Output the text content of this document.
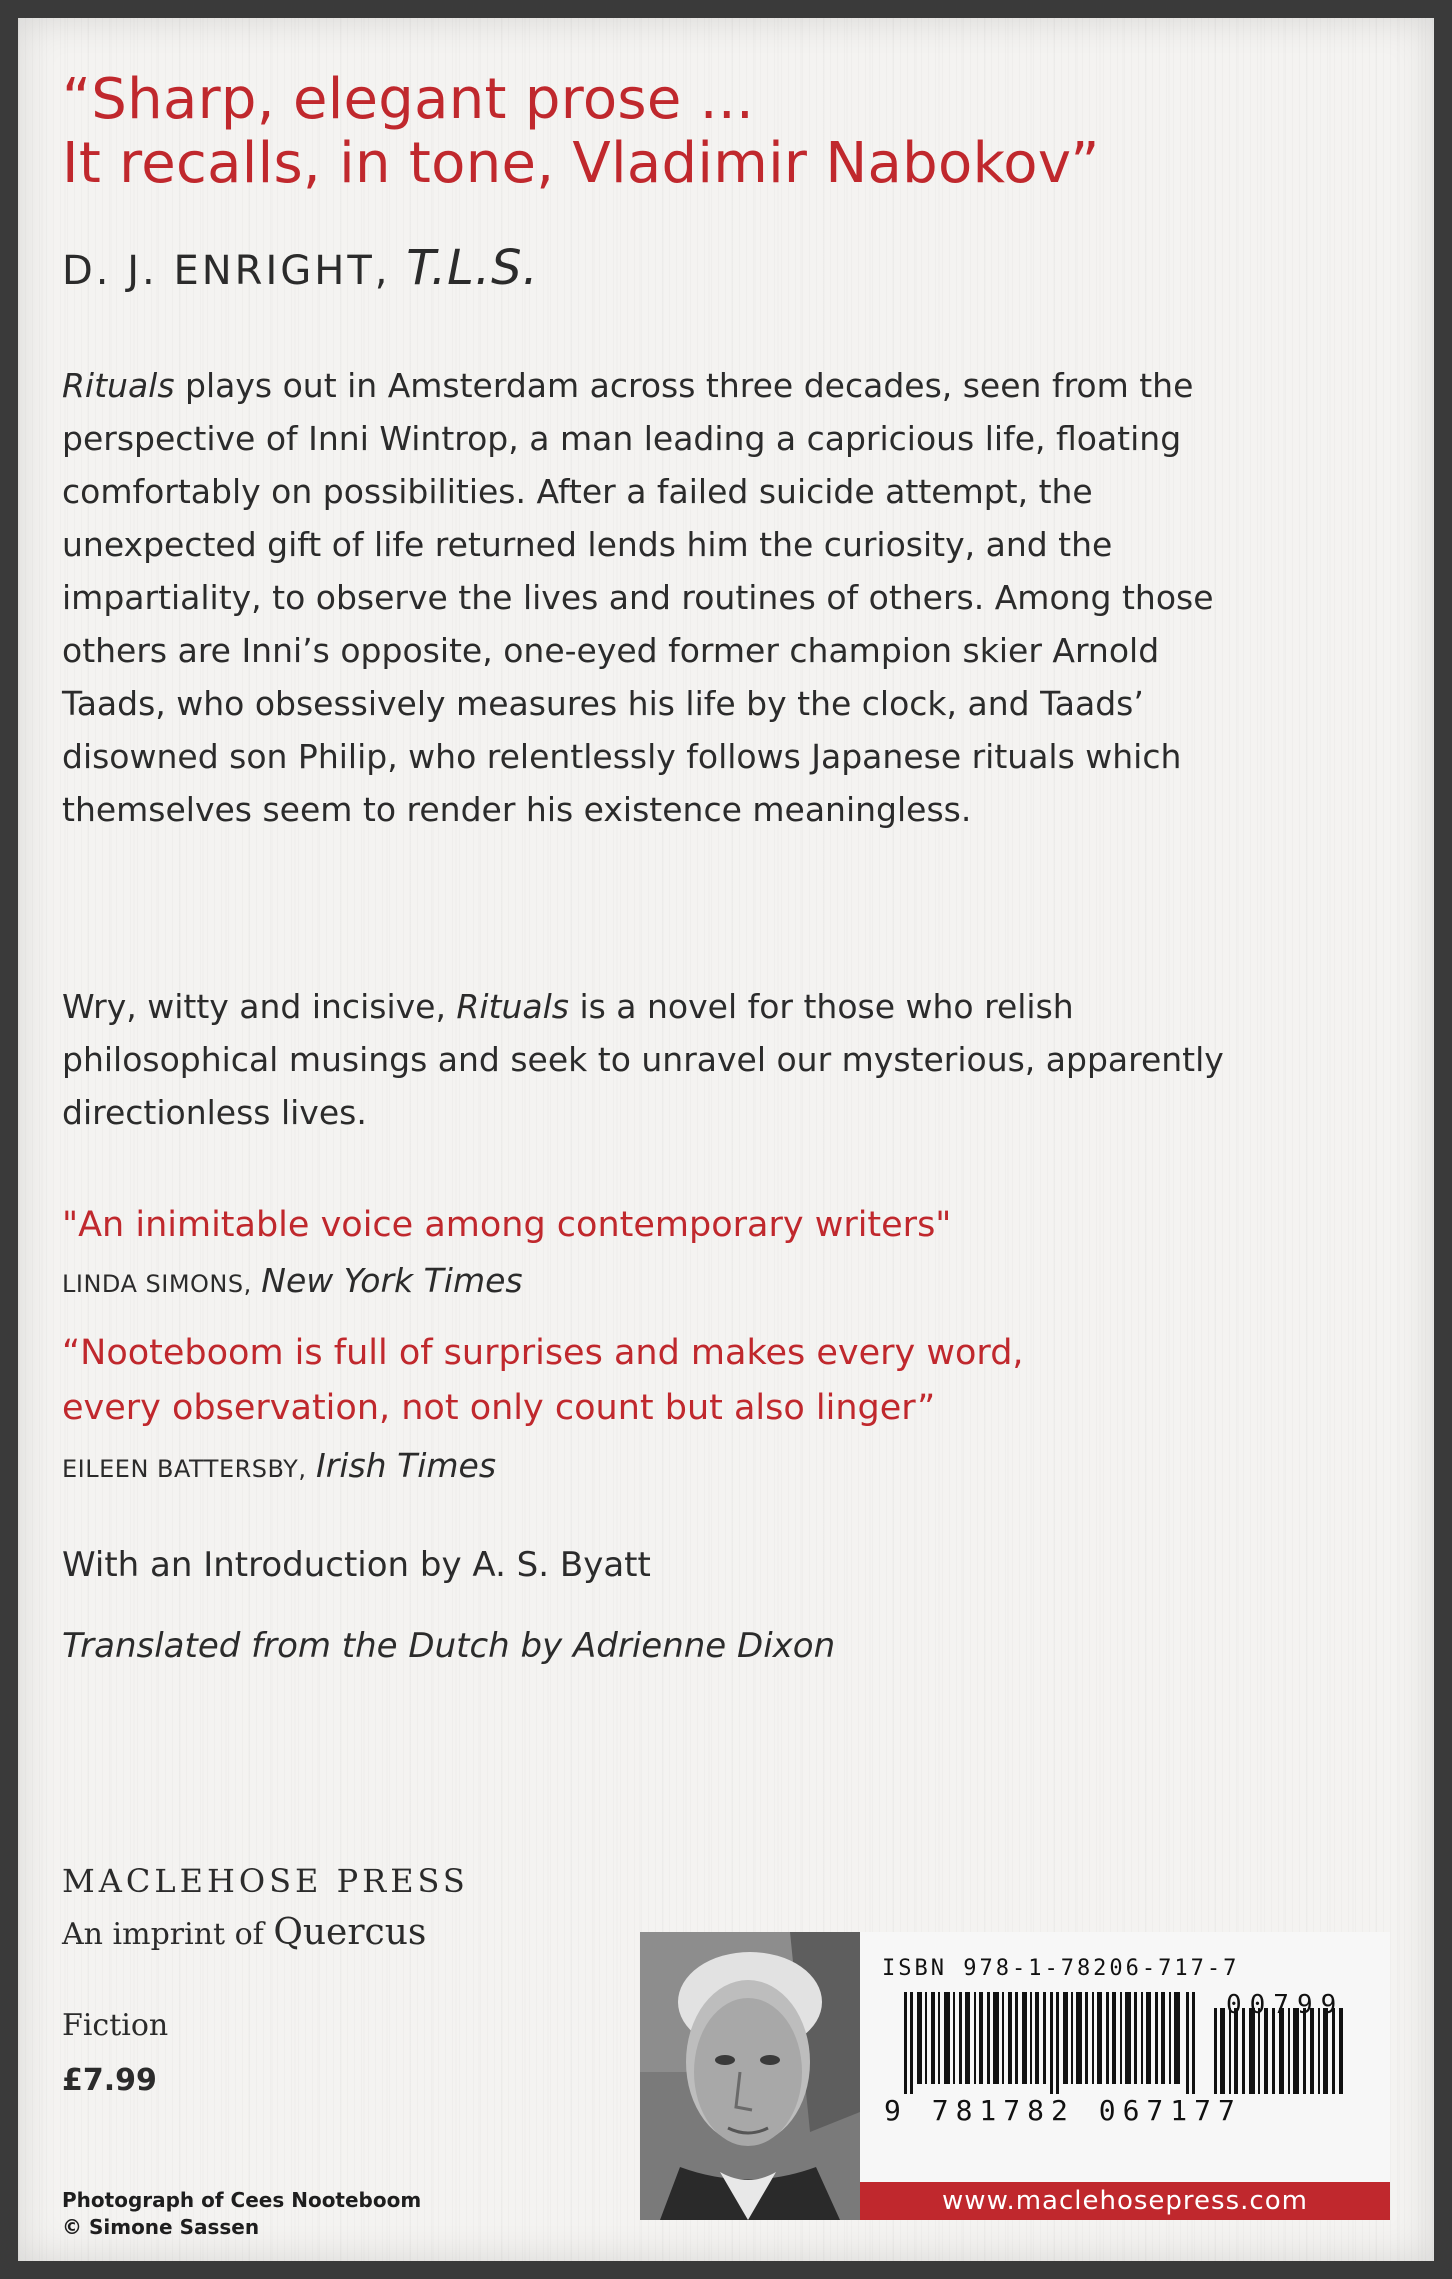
“Sharp, elegant prose ...
It recalls, in tone, Vladimir Nabokov”
D. J. ENRIGHT, T.L.S.
Rituals plays out in Amsterdam across three decades, seen from the perspective of Inni Wintrop, a man leading a capricious life, floating comfortably on possibilities. After a failed suicide attempt, the unexpected gift of life returned lends him the curiosity, and the impartiality, to observe the lives and routines of others. Among those others are Inni’s opposite, one-eyed former champion skier Arnold Taads, who obsessively measures his life by the clock, and Taads’ disowned son Philip, who relentlessly follows Japanese rituals which themselves seem to render his existence meaningless.
Wry, witty and incisive, Rituals is a novel for those who relish philosophical musings and seek to unravel our mysterious, apparently directionless lives.
"An inimitable voice among contemporary writers"
LINDA SIMONS, New York Times
“Nooteboom is full of surprises and makes every word,
every observation, not only count but also linger”
EILEEN BATTERSBY, Irish Times
With an Introduction by A. S. Byatt
Translated from the Dutch by Adrienne Dixon
MACLEHOSE PRESS
An imprint of Quercus
Fiction
£7.99
Photograph of Cees Nooteboom
© Simone Sassen
ISBN 978-1-78206-717-7
00799
9 781782 067177
www.maclehosepress.com
